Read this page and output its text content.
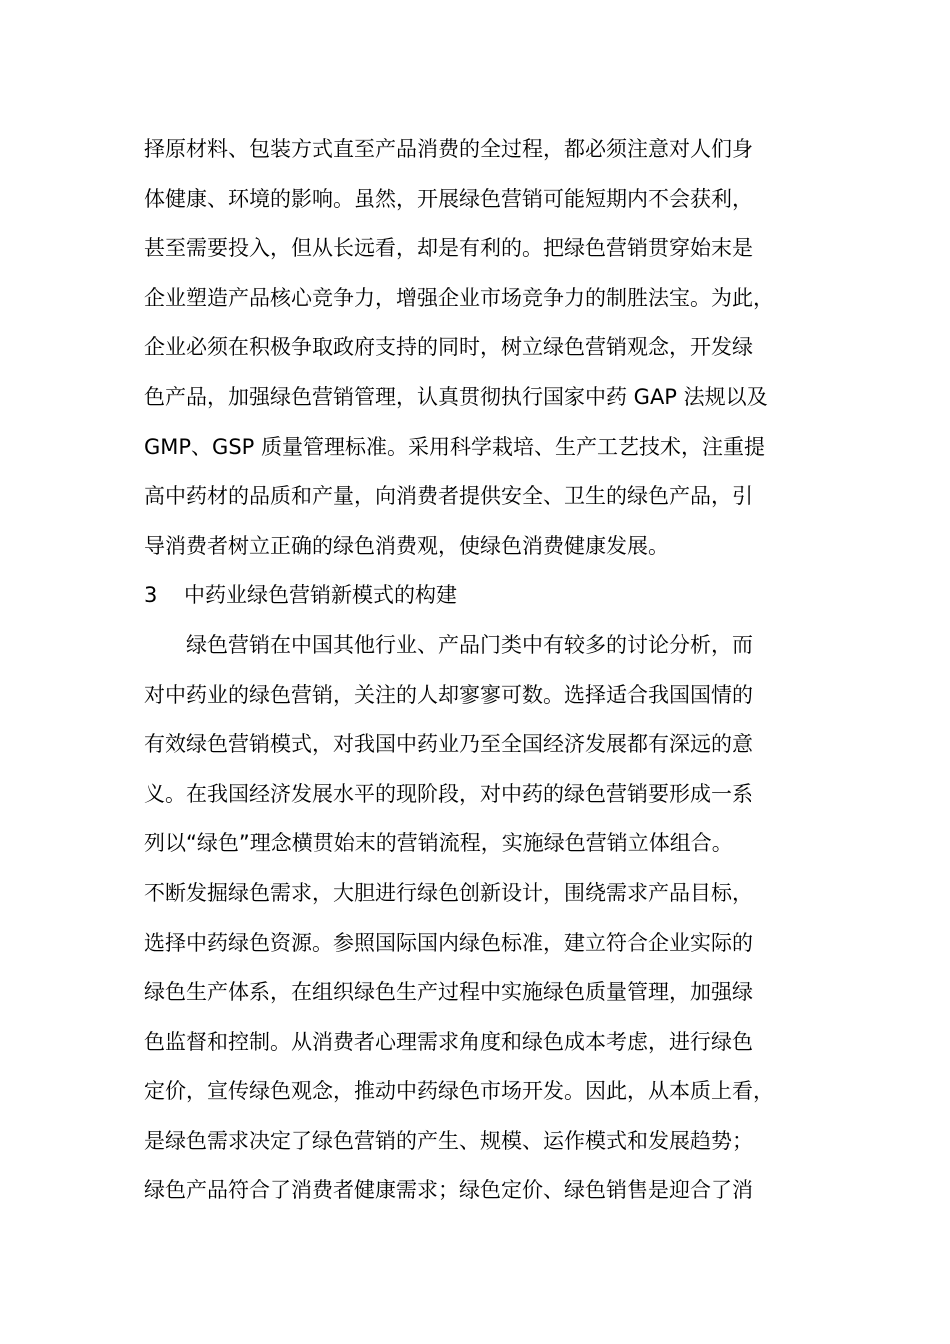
择原材料、包装方式直至产品消费的全过程，都必须注意对人们身
体健康、环境的影响。虽然，开展绿色营销可能短期内不会获利，
甚至需要投入，但从长远看，却是有利的。把绿色营销贯穿始末是
企业塑造产品核心竞争力，增强企业市场竞争力的制胜法宝。为此，
企业必须在积极争取政府支持的同时，树立绿色营销观念，开发绿
色产品，加强绿色营销管理，认真贯彻执行国家中药 GAP 法规以及
GMP、GSP 质量管理标准。采用科学栽培、生产工艺技术，注重提
高中药材的品质和产量，向消费者提供安全、卫生的绿色产品，引
导消费者树立正确的绿色消费观，使绿色消费健康发展。
3 中药业绿色营销新模式的构建
　　绿色营销在中国其他行业、产品门类中有较多的讨论分析，而
对中药业的绿色营销，关注的人却寥寥可数。选择适合我国国情的
有效绿色营销模式，对我国中药业乃至全国经济发展都有深远的意
义。在我国经济发展水平的现阶段，对中药的绿色营销要形成一系
列以“绿色”理念横贯始末的营销流程，实施绿色营销立体组合。
不断发掘绿色需求，大胆进行绿色创新设计，围绕需求产品目标，
选择中药绿色资源。参照国际国内绿色标准，建立符合企业实际的
绿色生产体系，在组织绿色生产过程中实施绿色质量管理，加强绿
色监督和控制。从消费者心理需求角度和绿色成本考虑，进行绿色
定价，宣传绿色观念，推动中药绿色市场开发。因此，从本质上看，
是绿色需求决定了绿色营销的产生、规模、运作模式和发展趋势；
绿色产品符合了消费者健康需求；绿色定价、绿色销售是迎合了消
